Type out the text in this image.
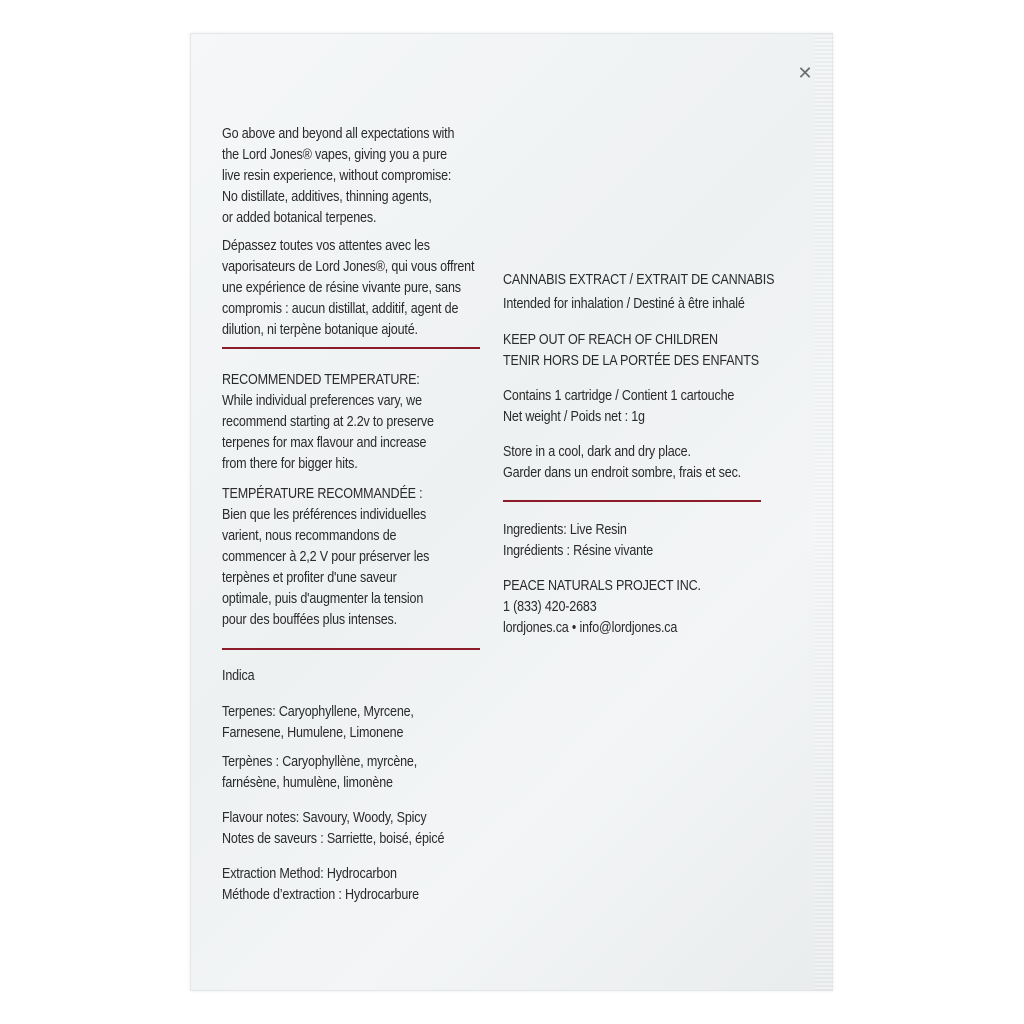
✕

Go above and beyond all expectations with
the Lord Jones® vapes, giving you a pure
live resin experience, without compromise:
No distillate, additives, thinning agents,
or added botanical terpenes.

Dépassez toutes vos attentes avec les
vaporisateurs de Lord Jones®, qui vous offrent
une expérience de résine vivante pure, sans
compromis : aucun distillat, additif, agent de
dilution, ni terpène botanique ajouté.

RECOMMENDED TEMPERATURE:

While individual preferences vary, we
recommend starting at 2.2v to preserve
terpenes for max flavour and increase
from there for bigger hits.

TEMPÉRATURE RECOMMANDÉE :

Bien que les préférences individuelles
varient, nous recommandons de
commencer à 2,2 V pour préserver les
terpènes et profiter d'une saveur
optimale, puis d'augmenter la tension
pour des bouffées plus intenses.

Indica

Terpenes: Caryophyllene, Myrcene,
Farnesene, Humulene, Limonene

Terpènes : Caryophyllène, myrcène,
farnésène, humulène, limonène

Flavour notes: Savoury, Woody, Spicy

Notes de saveurs : Sarriette, boisé, épicé

Extraction Method: Hydrocarbon

Méthode d’extraction : Hydrocarbure

CANNABIS EXTRACT / EXTRAIT DE CANNABIS

Intended for inhalation / Destiné à être inhalé

KEEP OUT OF REACH OF CHILDREN

TENIR HORS DE LA PORTÉE DES ENFANTS

Contains 1 cartridge / Contient 1 cartouche

Net weight / Poids net : 1g

Store in a cool, dark and dry place.

Garder dans un endroit sombre, frais et sec.

Ingredients: Live Resin

Ingrédients : Résine vivante

PEACE NATURALS PROJECT INC.

1 (833) 420-2683

lordjones.ca • info@lordjones.ca
